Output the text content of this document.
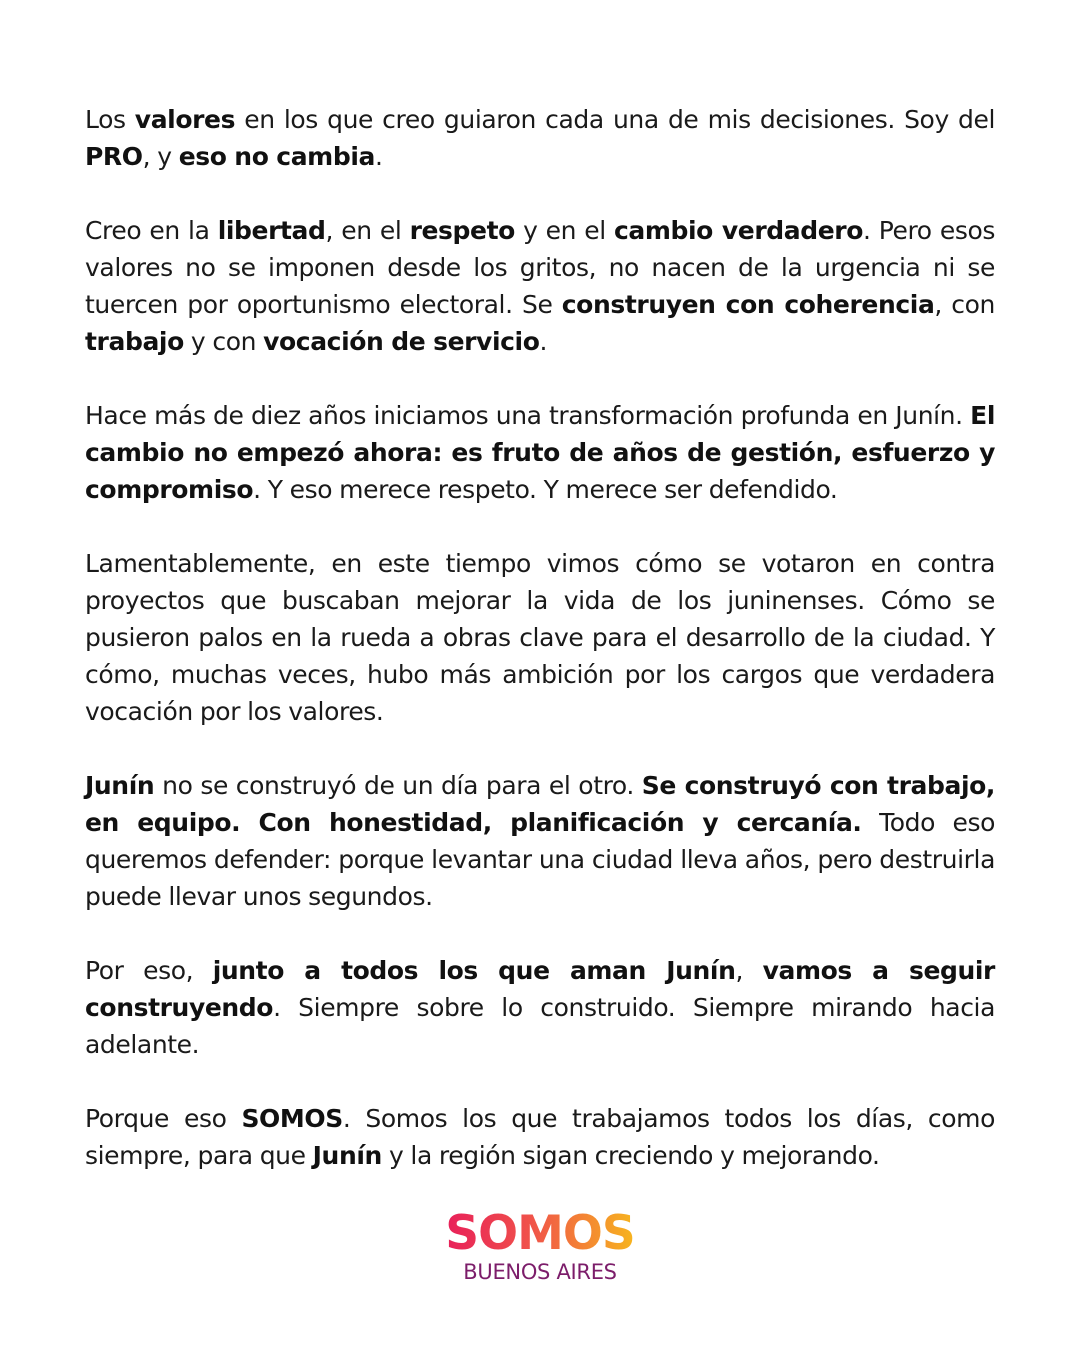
Los valores en los que creo guiaron cada una de mis decisiones. Soy del PRO, y eso no cambia.

Creo en la libertad, en el respeto y en el cambio verdadero. Pero esos valores no se imponen desde los gritos, no nacen de la urgencia ni se tuercen por oportunismo electoral. Se construyen con coherencia, con trabajo y con vocación de servicio.

Hace más de diez años iniciamos una transformación profunda en Junín. El cambio no empezó ahora: es fruto de años de gestión, esfuerzo y compromiso. Y eso merece respeto. Y merece ser defendido.

Lamentablemente, en este tiempo vimos cómo se votaron en contra proyectos que buscaban mejorar la vida de los juninenses. Cómo se pusieron palos en la rueda a obras clave para el desarrollo de la ciudad. Y cómo, muchas veces, hubo más ambición por los cargos que verdadera vocación por los valores.

Junín no se construyó de un día para el otro. Se construyó con trabajo, en equipo. Con honestidad, planificación y cercanía. Todo eso queremos defender: porque levantar una ciudad lleva años, pero destruirla puede llevar unos segundos.

Por eso, junto a todos los que aman Junín, vamos a seguir construyendo. Siempre sobre lo construido. Siempre mirando hacia adelante.

Porque eso SOMOS. Somos los que trabajamos todos los días, como siempre, para que Junín y la región sigan creciendo y mejorando.

SOMOS
BUENOS AIRES
